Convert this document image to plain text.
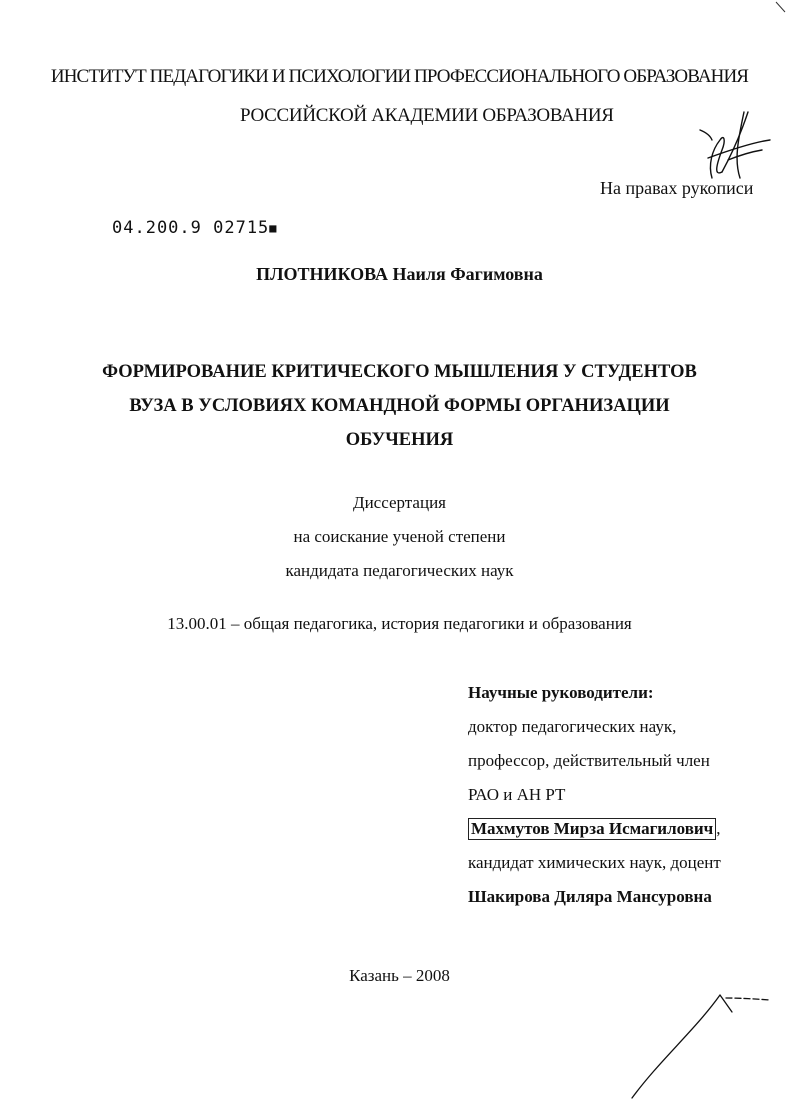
ИНСТИТУТ ПЕДАГОГИКИ И ПСИХОЛОГИИ ПРОФЕССИОНАЛЬНОГО ОБРАЗОВАНИЯ
РОССИЙСКОЙ АКАДЕМИИ ОБРАЗОВАНИЯ
На правах рукописи
04.200.9 02715■
ПЛОТНИКОВА Наиля Фагимовна
ФОРМИРОВАНИЕ КРИТИЧЕСКОГО МЫШЛЕНИЯ У СТУДЕНТОВ
ВУЗА В УСЛОВИЯХ КОМАНДНОЙ ФОРМЫ ОРГАНИЗАЦИИ
ОБУЧЕНИЯ
Диссертация
на соискание ученой степени
кандидата педагогических наук
13.00.01 – общая педагогика, история педагогики и образования
Научные руководители:
доктор педагогических наук,
профессор, действительный член
РАО и АН РТ
Махмутов Мирза Исмагилович ,
кандидат химических наук, доцент
Шакирова Диляра Мансуровна
Казань – 2008
